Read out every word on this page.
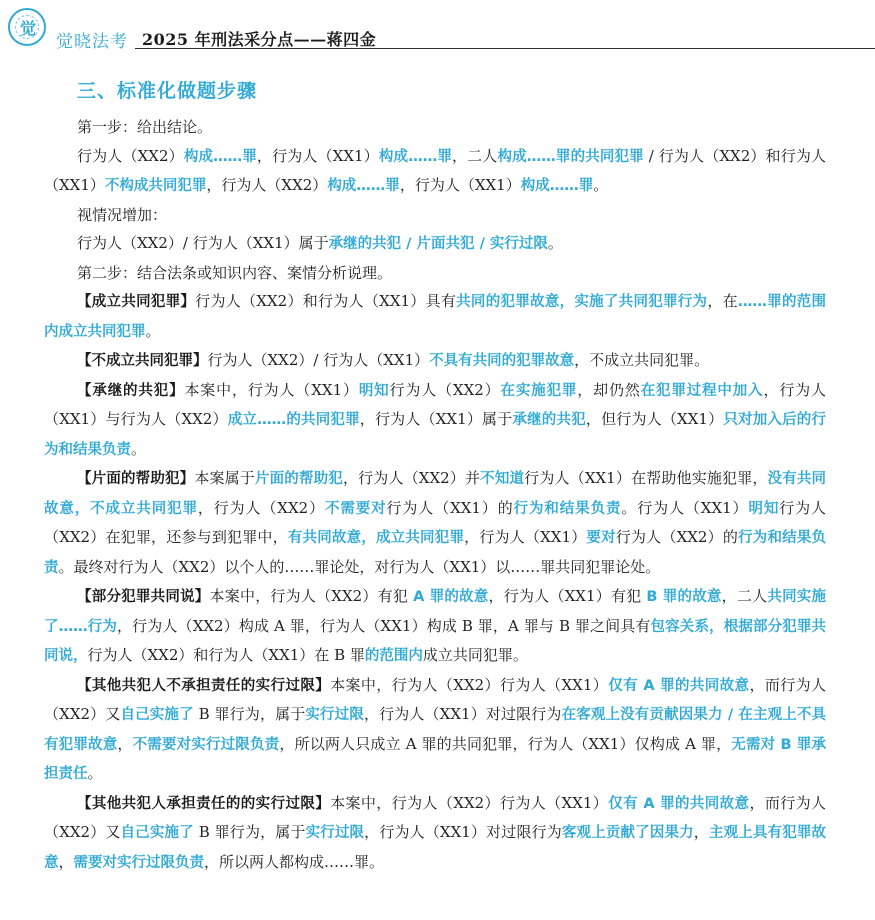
觉
觉晓法考 2025 年刑法采分点——蒋四金
三、标准化做题步骤

第一步：给出结论。

行为人（XX2）构成……罪，行为人（XX1）构成……罪，二人构成……罪的共同犯罪 / 行为人（XX2）和行为人（XX1）不构成共同犯罪，行为人（XX2）构成……罪，行为人（XX1）构成……罪。

视情况增加：

行为人（XX2）/ 行为人（XX1）属于承继的共犯 / 片面共犯 / 实行过限。

第二步：结合法条或知识内容、案情分析说理。

【成立共同犯罪】行为人（XX2）和行为人（XX1）具有共同的犯罪故意，实施了共同犯罪行为，在……罪的范围内成立共同犯罪。

【不成立共同犯罪】行为人（XX2）/ 行为人（XX1）不具有共同的犯罪故意，不成立共同犯罪。

【承继的共犯】本案中，行为人（XX1）明知行为人（XX2）在实施犯罪，却仍然在犯罪过程中加入，行为人（XX1）与行为人（XX2）成立……的共同犯罪，行为人（XX1）属于承继的共犯，但行为人（XX1）只对加入后的行为和结果负责。

【片面的帮助犯】本案属于片面的帮助犯，行为人（XX2）并不知道行为人（XX1）在帮助他实施犯罪，没有共同故意，不成立共同犯罪，行为人（XX2）不需要对行为人（XX1）的行为和结果负责。行为人（XX1）明知行为人（XX2）在犯罪，还参与到犯罪中，有共同故意，成立共同犯罪，行为人（XX1）要对行为人（XX2）的行为和结果负责。最终对行为人（XX2）以个人的……罪论处，对行为人（XX1）以……罪共同犯罪论处。

【部分犯罪共同说】本案中，行为人（XX2）有犯 A 罪的故意，行为人（XX1）有犯 B 罪的故意，二人共同实施了……行为，行为人（XX2）构成 A 罪，行为人（XX1）构成 B 罪，A 罪与 B 罪之间具有包容关系，根据部分犯罪共同说，行为人（XX2）和行为人（XX1）在 B 罪的范围内成立共同犯罪。

【其他共犯人不承担责任的实行过限】本案中，行为人（XX2）行为人（XX1）仅有 A 罪的共同故意，而行为人（XX2）又自己实施了 B 罪行为，属于实行过限，行为人（XX1）对过限行为在客观上没有贡献因果力 / 在主观上不具有犯罪故意，不需要对实行过限负责，所以两人只成立 A 罪的共同犯罪，行为人（XX1）仅构成 A 罪，无需对 B 罪承担责任。

【其他共犯人承担责任的的实行过限】本案中，行为人（XX2）行为人（XX1）仅有 A 罪的共同故意，而行为人（XX2）又自己实施了 B 罪行为，属于实行过限，行为人（XX1）对过限行为客观上贡献了因果力，主观上具有犯罪故意，需要对实行过限负责，所以两人都构成……罪。
